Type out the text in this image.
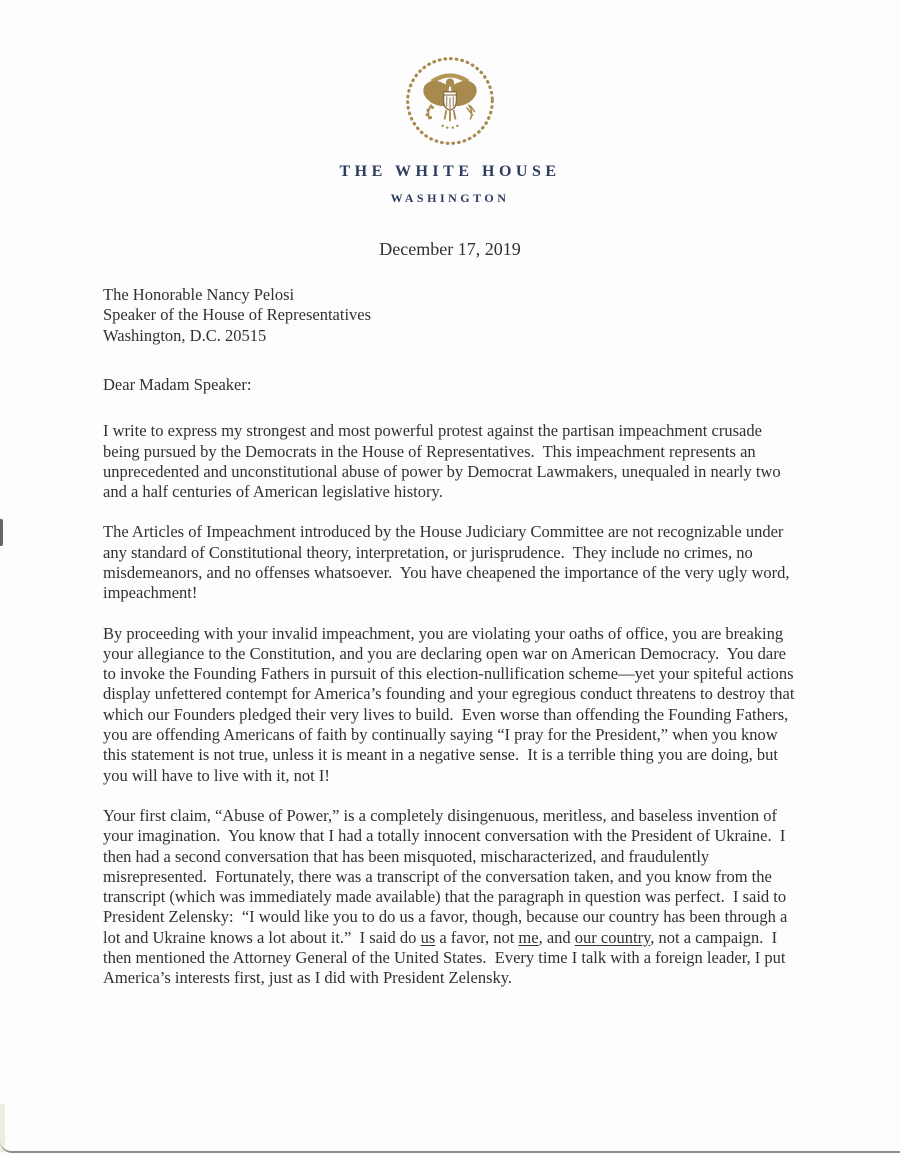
THE WHITE HOUSE
WASHINGTON
December 17, 2019
The Honorable Nancy Pelosi
Speaker of the House of Representatives
Washington, D.C. 20515
Dear Madam Speaker:

I write to express my strongest and most powerful protest against the partisan impeachment crusade being pursued by the Democrats in the House of Representatives.  This impeachment represents an unprecedented and unconstitutional abuse of power by Democrat Lawmakers, unequaled in nearly two and a half centuries of American legislative history.

The Articles of Impeachment introduced by the House Judiciary Committee are not recognizable under any standard of Constitutional theory, interpretation, or jurisprudence.  They include no crimes, no misdemeanors, and no offenses whatsoever.  You have cheapened the importance of the very ugly word, impeachment!

By proceeding with your invalid impeachment, you are violating your oaths of office, you are breaking your allegiance to the Constitution, and you are declaring open war on American Democracy.  You dare to invoke the Founding Fathers in pursuit of this election-nullification scheme—yet your spiteful actions display unfettered contempt for America’s founding and your egregious conduct threatens to destroy that which our Founders pledged their very lives to build.  Even worse than offending the Founding Fathers, you are offending Americans of faith by continually saying “I pray for the President,” when you know this statement is not true, unless it is meant in a negative sense.  It is a terrible thing you are doing, but you will have to live with it, not I!

Your first claim, “Abuse of Power,” is a completely disingenuous, meritless, and baseless invention of your imagination.  You know that I had a totally innocent conversation with the President of Ukraine.  I then had a second conversation that has been misquoted, mischaracterized, and fraudulently misrepresented.  Fortunately, there was a transcript of the conversation taken, and you know from the transcript (which was immediately made available) that the paragraph in question was perfect.  I said to President Zelensky:  “I would like you to do us a favor, though, because our country has been through a lot and Ukraine knows a lot about it.”  I said do us a favor, not me, and our country, not a campaign.  I then mentioned the Attorney General of the United States.  Every time I talk with a foreign leader, I put America’s interests first, just as I did with President Zelensky.
